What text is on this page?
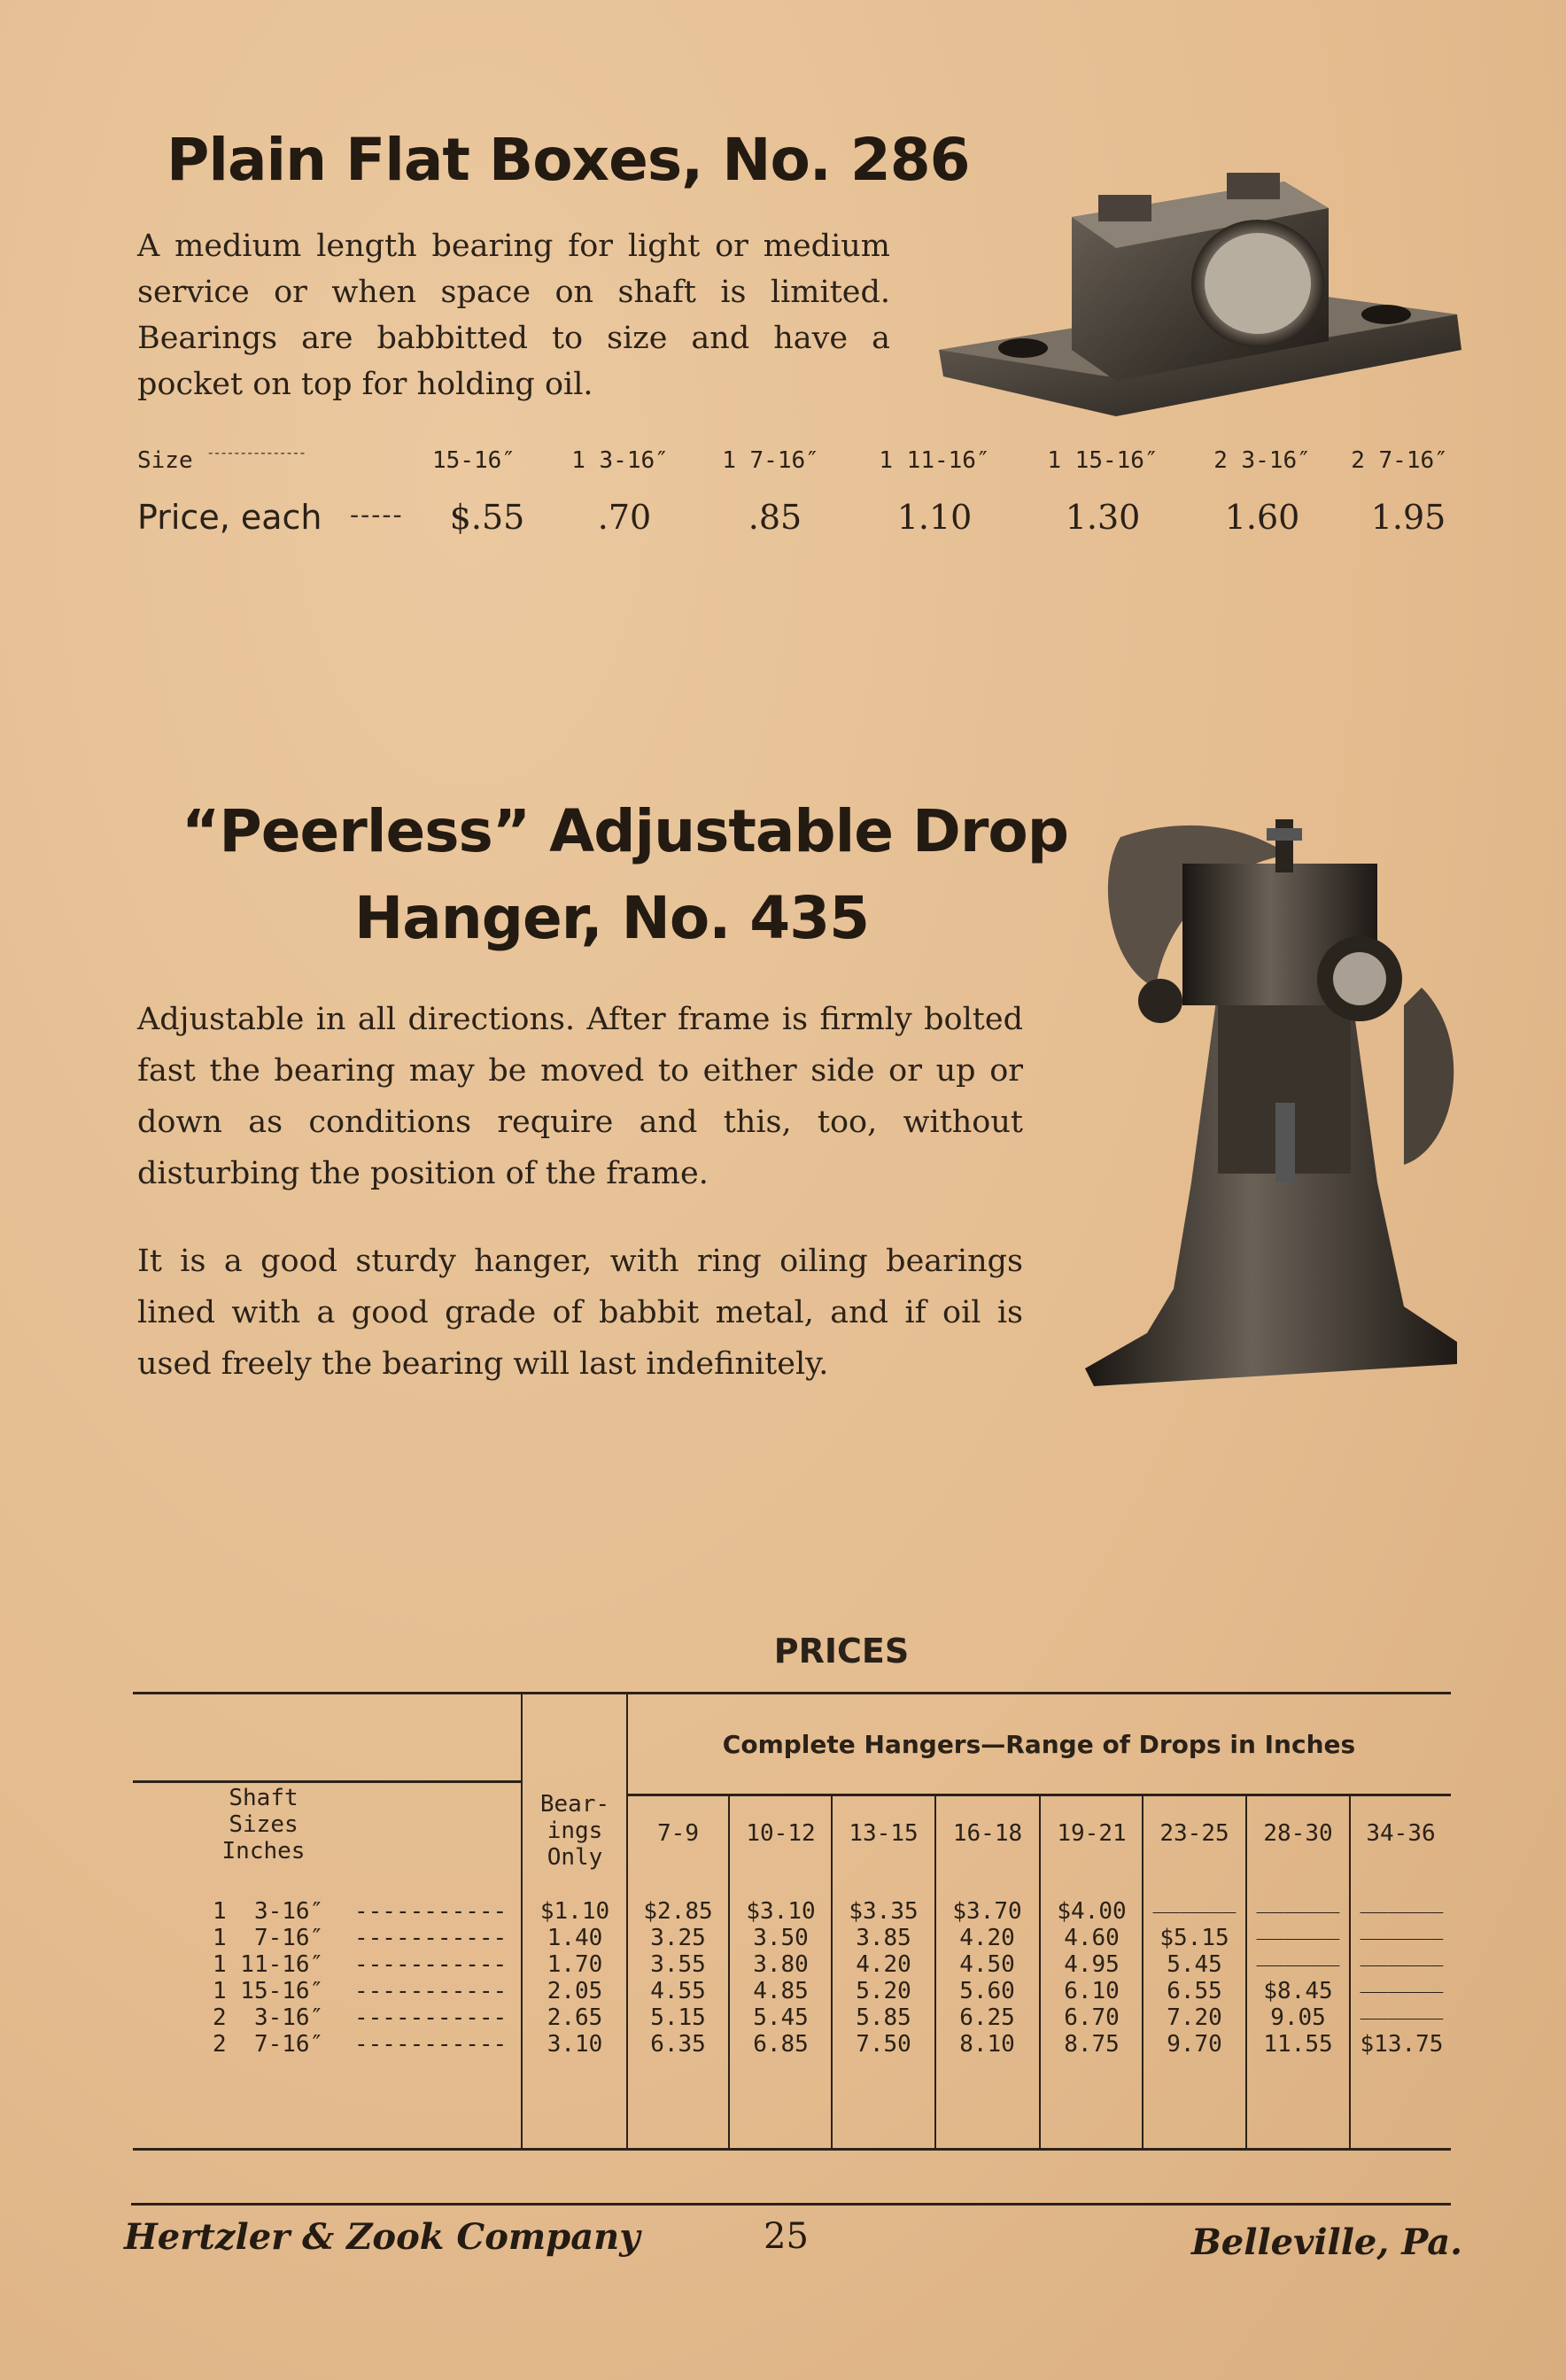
Plain Flat Boxes, No. 286
A medium length bearing for light or medium service or when space on shaft is limited. Bearings are babbitted to size and have a pocket on top for holding oil.
Size ---------------	15-16″	1 3-16″	1 7-16″	1 11-16″	1 15-16″	2 3-16″	2 7-16″
Price, each -----	$.55	.70	.85	1.10	1.30	1.60	1.95
“Peerless” Adjustable Drop
Hanger, No. 435
Adjustable in all directions. After frame is firmly bolted fast the bearing may be moved to either side or up or down as conditions require and this, too, without disturbing the position of the frame.
It is a good sturdy hanger, with ring oiling bearings lined with a good grade of babbit metal, and if oil is used freely the bearing will last indefinitely.
PRICES
Complete Hangers—Range of Drops in Inches
Shaft
Sizes
Inches
Bear-
ings
Only
7-9	10-12	13-15	16-18	19-21	23-25	28-30	34-36
1  3-16″ -----------	$1.10	$2.85	$3.10	$3.35	$3.70	$4.00	______ ______ ______
1  7-16″ -----------	1.40	3.25	3.50	3.85	4.20	4.60	$5.15	______ ______
1 11-16″ -----------	1.70	3.55	3.80	4.20	4.50	4.95	5.45	______ ______
1 15-16″ -----------	2.05	4.55	4.85	5.20	5.60	6.10	6.55	$8.45	______
2  3-16″ -----------	2.65	5.15	5.45	5.85	6.25	6.70	7.20	9.05	______
2  7-16″ -----------	3.10	6.35	6.85	7.50	8.10	8.75	9.70	11.55	$13.75
Hertzler & Zook Company	25	Belleville, Pa.
